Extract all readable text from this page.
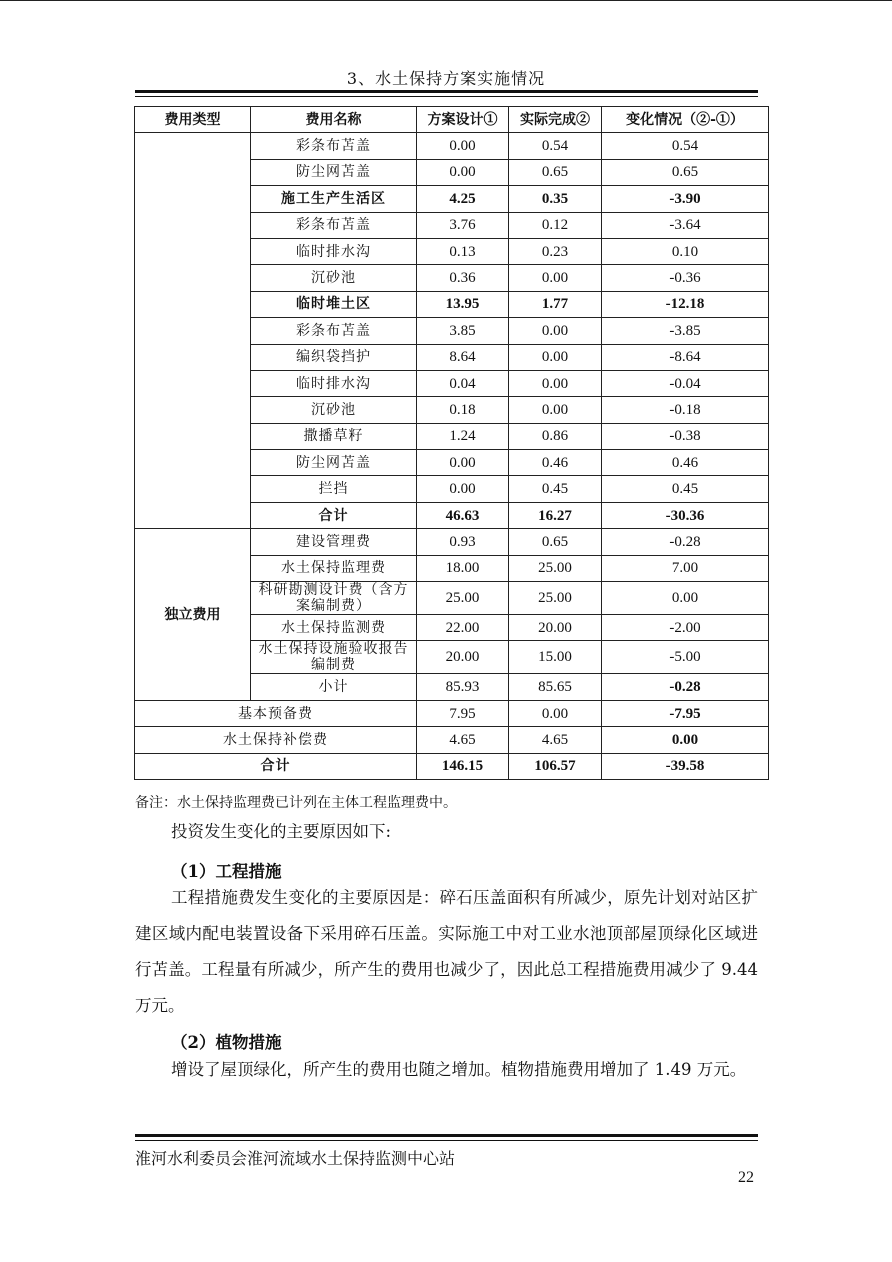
3、水土保持方案实施情况
费用类型	费用名称	方案设计①	实际完成②	变化情况（②-①）
	彩条布苫盖	0.00	0.54	0.54
	防尘网苫盖	0.00	0.65	0.65
	施工生产生活区	4.25	0.35	-3.90
	彩条布苫盖	3.76	0.12	-3.64
	临时排水沟	0.13	0.23	0.10
	沉砂池	0.36	0.00	-0.36
	临时堆土区	13.95	1.77	-12.18
	彩条布苫盖	3.85	0.00	-3.85
	编织袋挡护	8.64	0.00	-8.64
	临时排水沟	0.04	0.00	-0.04
	沉砂池	0.18	0.00	-0.18
	撒播草籽	1.24	0.86	-0.38
	防尘网苫盖	0.00	0.46	0.46
	拦挡	0.00	0.45	0.45
	合计	46.63	16.27	-30.36
独立费用	建设管理费	0.93	0.65	-0.28
	水土保持监理费	18.00	25.00	7.00
	科研勘测设计费（含方案编制费）	25.00	25.00	0.00
	水土保持监测费	22.00	20.00	-2.00
	水土保持设施验收报告编制费	20.00	15.00	-5.00
	小计	85.93	85.65	-0.28
基本预备费		7.95	0.00	-7.95
水土保持补偿费		4.65	4.65	0.00
合计		146.15	106.57	-39.58
备注：水土保持监理费已计列在主体工程监理费中。
投资发生变化的主要原因如下:
（1）工程措施
工程措施费发生变化的主要原因是：碎石压盖面积有所减少，原先计划对站区扩建区域内配电装置设备下采用碎石压盖。实际施工中对工业水池顶部屋顶绿化区域进行苫盖。工程量有所减少，所产生的费用也减少了，因此总工程措施费用减少了 9.44 万元。
（2）植物措施
增设了屋顶绿化，所产生的费用也随之增加。植物措施费用增加了 1.49 万元。
淮河水利委员会淮河流域水土保持监测中心站
22
